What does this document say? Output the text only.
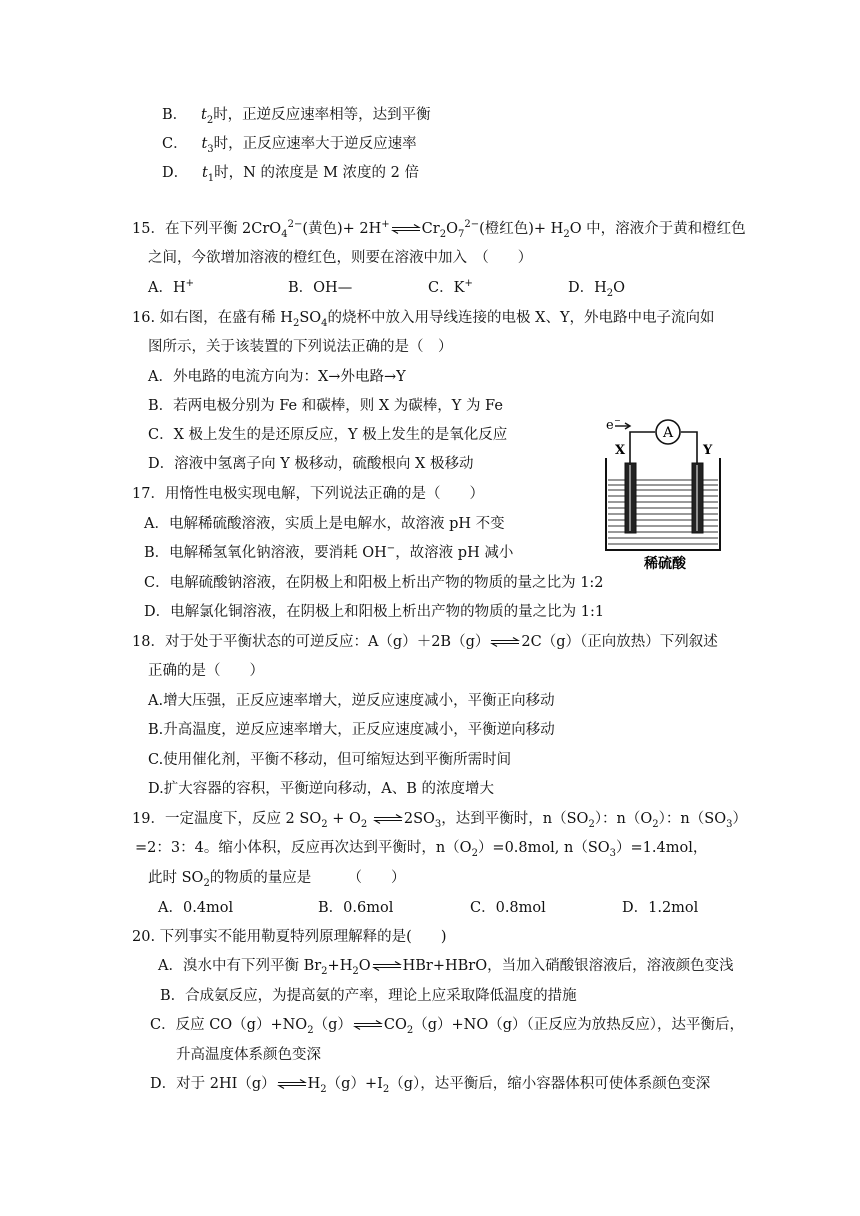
B． $t_2$时，正逆反应速率相等，达到平衡
C． $t_3$时，正反应速率大于逆反应速率
D． $t_1$时，N 的浓度是 M 浓度的 2 倍
15．在下列平衡 2CrO$_4^{2-}$(黄色)+ $2H^+\rightleftharpoons Cr_2O_7^{2-}$(橙红色)+ $H_2O$ 中，溶液介于黄和橙红色
之间，今欲增加溶液的橙红色，则要在溶液中加入　（　　）
A．H+	B．OH—	C．K+	D．$H_2O$
16. 如右图，在盛有稀 $H_2SO_4$的烧杯中放入用导线连接的电极 X、Y，外电路中电子流向如
图所示，关于该装置的下列说法正确的是（　）
A．外电路的电流方向为：X→外电路→Y
B．若两电极分别为 Fe 和碳棒，则 X 为碳棒，Y 为 Fe
C．X 极上发生的是还原反应，Y 极上发生的是氧化反应
D．溶液中氢离子向 Y 极移动，硫酸根向 X 极移动
e −
A
X	Y
稀硫酸
17．用惰性电极实现电解，下列说法正确的是（　　）
A．电解稀硫酸溶液，实质上是电解水，故溶液 pH 不变
B．电解稀氢氧化钠溶液，要消耗 OH−，故溶液 pH 减小
C．电解硫酸钠溶液，在阴极上和阳极上析出产物的物质的量之比为 1:2
D．电解氯化铜溶液，在阴极上和阳极上析出产物的物质的量之比为 1:1
18．对于处于平衡状态的可逆反应：A（g）＋2B（g）⇌2C（g）（正向放热）下列叙述
正确的是（　　）
A.增大压强，正反应速率增大，逆反应速度减小，平衡正向移动
B.升高温度，逆反应速率增大，正反应速度减小，平衡逆向移动
C.使用催化剂，平衡不移动，但可缩短达到平衡所需时间
D.扩大容器的容积，平衡逆向移动，A、B 的浓度增大
19．一定温度下，反应 2 $SO_2 + O_2$ $\rightleftharpoons 2SO_3$，达到平衡时，$n(SO_2)$：$n(O_2)$：$n(SO_3)$
=2：3：4。缩小体积，反应再次达到平衡时，$n(O_2)=0.8mol$, $n(SO_3)=1.4mol$，
此时 $SO_2$的物质的量应是　　　（　　）
A．0.4mol	B．0.6mol	C．0.8mol	D．1.2mol
20. 下列事实不能用勒夏特列原理解释的是(　　)
A．溴水中有下列平衡 $Br_2+H_2O\rightleftharpoons HBr+HBrO$，当加入硝酸银溶液后，溶液颜色变浅
B．合成氨反应，为提高氨的产率，理论上应采取降低温度的措施
C．反应 $CO(g)+NO_2(g)\rightleftharpoons CO_2(g)+NO(g)$（正反应为放热反应），达平衡后，
升高温度体系颜色变深
D．对于 $2HI(g)\rightleftharpoons H_2(g)+I_2(g)$，达平衡后，缩小容器体积可使体系颜色变深
